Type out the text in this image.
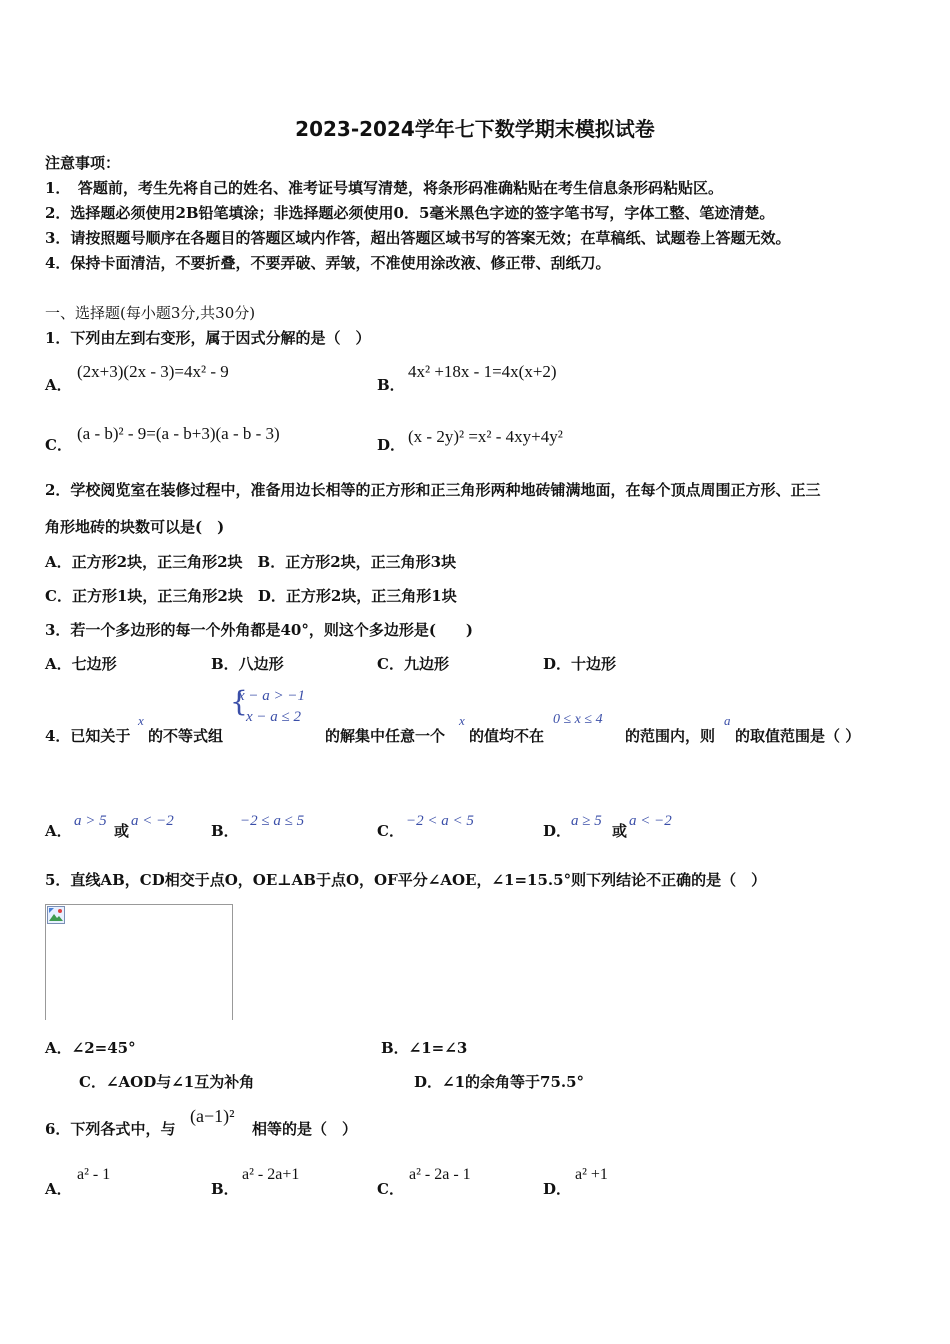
2023-2024学年七下数学期末模拟试卷
注意事项：
1．　答题前，考生先将自己的姓名、准考证号填写清楚，将条形码准确粘贴在考生信息条形码粘贴区。
2．选择题必须使用2B铅笔填涂；非选择题必须使用0．5毫米黑色字迹的签字笔书写，字体工整、笔迹清楚。
3．请按照题号顺序在各题目的答题区域内作答，超出答题区域书写的答案无效；在草稿纸、试题卷上答题无效。
4．保持卡面清洁，不要折叠，不要弄破、弄皱，不准使用涂改液、修正带、刮纸刀。
一、选择题(每小题3分,共30分)
1．下列由左到右变形，属于因式分解的是（　）
A．
(2x+3)(2x - 3)=4x² - 9
B．
4x² +18x - 1=4x(x+2)
C．
(a - b)² - 9=(a - b+3)(a - b - 3)
D． (x - 2y)² =x² - 4xy+4y²
2．学校阅览室在装修过程中，准备用边长相等的正方形和正三角形两种地砖铺满地面，在每个顶点周围正方形、正三
角形地砖的块数可以是(　)
A．正方形2块，正三角形2块　B．正方形2块，正三角形3块
C．正方形1块，正三角形2块　D．正方形2块，正三角形1块
3．若一个多边形的每一个外角都是40°，则这个多边形是(　　)
A．七边形	B．八边形	C．九边形	D．十边形
4．已知关于
x
的不等式组
{
x − a > −1
x − a ≤ 2
的解集中任意一个
x
的值均不在
0 ≤ x ≤ 4
的范围内，则
a
的取值范围是（ ）
A．
a > 5
或
a < −2
B．
−2 ≤ a ≤ 5
C．
−2 < a < 5
D．
a ≥ 5
或
a < −2
5．直线AB，CD相交于点O，OE⊥AB于点O，OF平分∠AOE，∠1=15.5°则下列结论不正确的是（　）
A．∠2=45°	B．∠1=∠3
C．∠AOD与∠1互为补角	D．∠1的余角等于75.5°
6．下列各式中，与
(a−1)²
相等的是（　）
A．
a² - 1
B．
a² - 2a+1
C．
a² - 2a - 1
D．
a² +1
